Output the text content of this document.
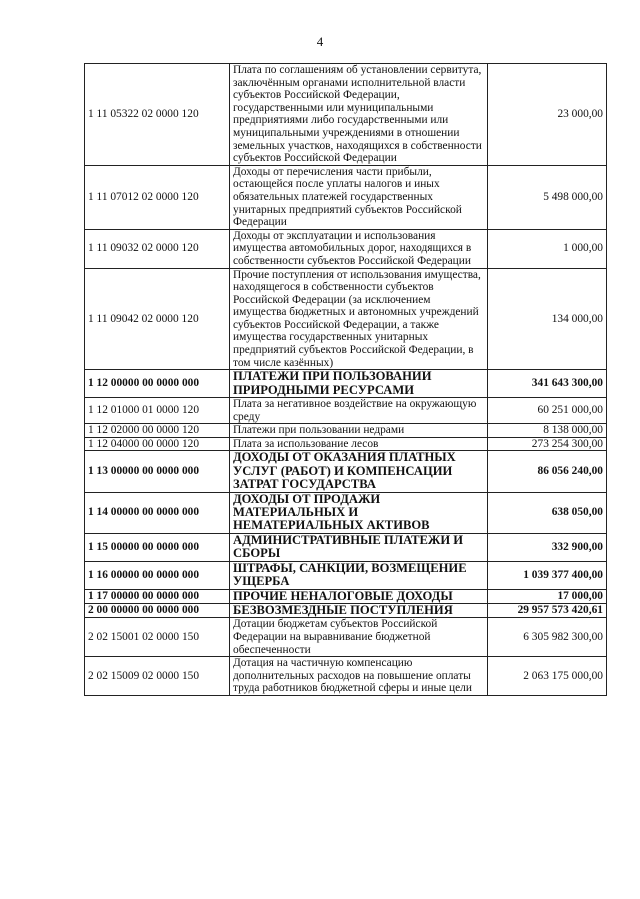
4
1 11 05322 02 0000 120	Плата по соглашениям об установлении сервитута, заключённым органами исполнительной власти субъектов Российской Федерации, государственными или муниципальными предприятиями либо государственными или муниципальными учреждениями в отношении земельных участков, находящихся в собственности субъектов Российской Федерации	23 000,00
1 11 07012 02 0000 120	Доходы от перечисления части прибыли, остающейся после уплаты налогов и иных обязательных платежей государственных унитарных предприятий субъектов Российской Федерации	5 498 000,00
1 11 09032 02 0000 120	Доходы от эксплуатации и использования имущества автомобильных дорог, находящихся в собственности субъектов Российской Федерации	1 000,00
1 11 09042 02 0000 120	Прочие поступления от использования имущества, находящегося в собственности субъектов Российской Федерации (за исключением имущества бюджетных и автономных учреждений субъектов Российской Федерации, а также имущества государственных унитарных предприятий субъектов Российской Федерации, в том числе казённых)	134 000,00
1 12 00000 00 0000 000	ПЛАТЕЖИ ПРИ ПОЛЬЗОВАНИИ ПРИРОДНЫМИ РЕСУРСАМИ	341 643 300,00
1 12 01000 01 0000 120	Плата за негативное воздействие на окружающую среду	60 251 000,00
1 12 02000 00 0000 120	Платежи при пользовании недрами	8 138 000,00
1 12 04000 00 0000 120	Плата за использование лесов	273 254 300,00
1 13 00000 00 0000 000	ДОХОДЫ ОТ ОКАЗАНИЯ ПЛАТНЫХ УСЛУГ (РАБОТ) И КОМПЕНСАЦИИ ЗАТРАТ ГОСУДАРСТВА	86 056 240,00
1 14 00000 00 0000 000	ДОХОДЫ ОТ ПРОДАЖИ МАТЕРИАЛЬНЫХ И НЕМАТЕРИАЛЬНЫХ АКТИВОВ	638 050,00
1 15 00000 00 0000 000	АДМИНИСТРАТИВНЫЕ ПЛАТЕЖИ И СБОРЫ	332 900,00
1 16 00000 00 0000 000	ШТРАФЫ, САНКЦИИ, ВОЗМЕЩЕНИЕ УЩЕРБА	1 039 377 400,00
1 17 00000 00 0000 000	ПРОЧИЕ НЕНАЛОГОВЫЕ ДОХОДЫ	17 000,00
2 00 00000 00 0000 000	БЕЗВОЗМЕЗДНЫЕ ПОСТУПЛЕНИЯ	29 957 573 420,61
2 02 15001 02 0000 150	Дотации бюджетам субъектов Российской Федерации на выравнивание бюджетной обеспеченности	6 305 982 300,00
2 02 15009 02 0000 150	Дотация на частичную компенсацию дополнительных расходов на повышение оплаты труда работников бюджетной сферы и иные цели	2 063 175 000,00
